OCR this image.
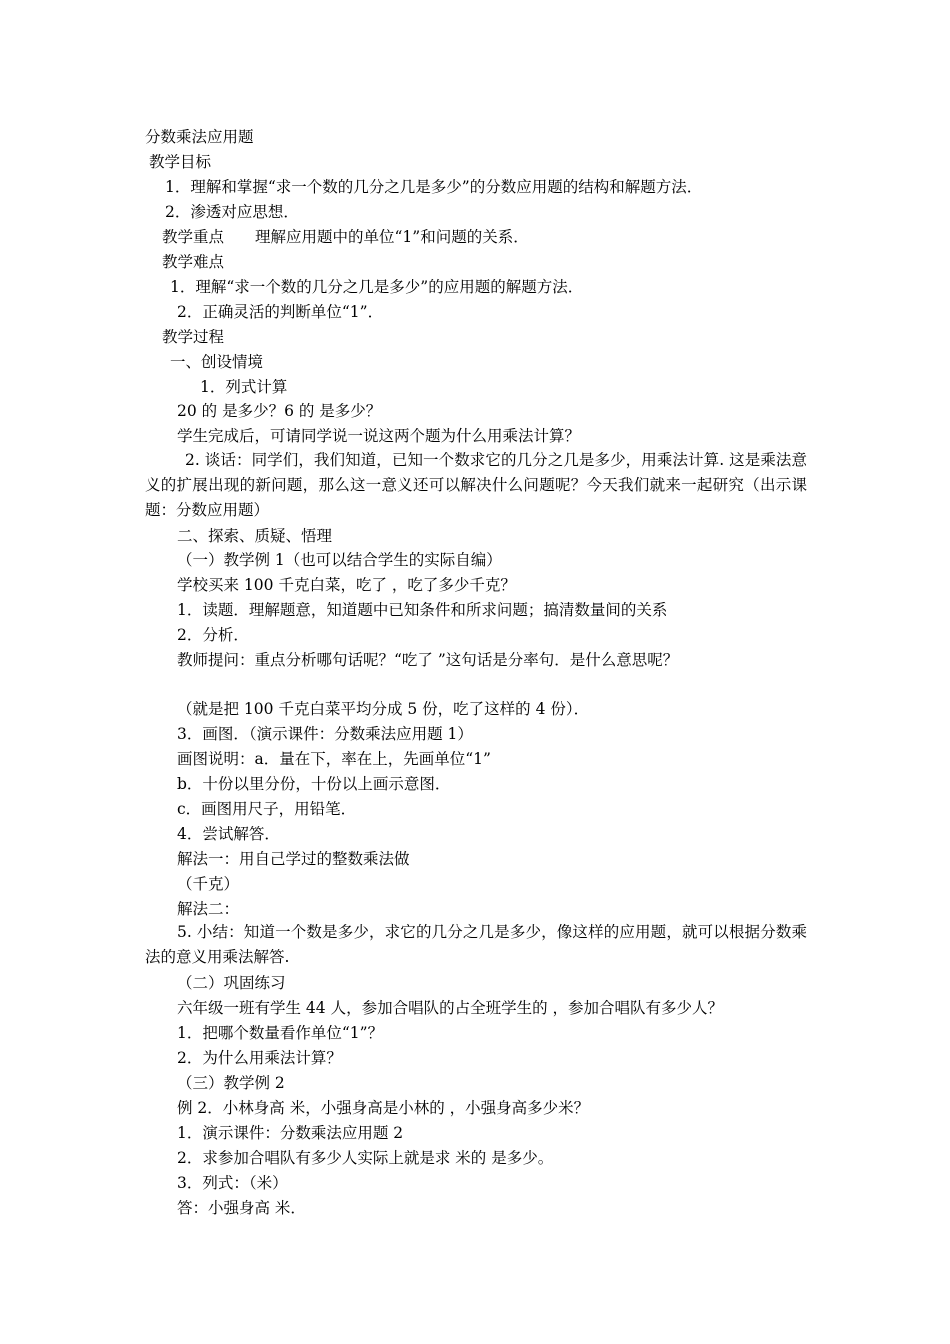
分数乘法应用题
教学目标
1．理解和掌握“求一个数的几分之几是多少”的分数应用题的结构和解题方法．
2．渗透对应思想．
教学重点　　理解应用题中的单位“1”和问题的关系．
教学难点
1．理解“求一个数的几分之几是多少”的应用题的解题方法．
2．正确灵活的判断单位“1”．
教学过程
一、创设情境
1．列式计算
20 的 是多少？6 的 是多少？
学生完成后，可请同学说一说这两个题为什么用乘法计算？
2. 谈话：同学们，我们知道，已知一个数求它的几分之几是多少，用乘法计算. 这是乘法意义的扩展出现的新问题，那么这一意义还可以解决什么问题呢？今天我们就来一起研究（出示课题：分数应用题）
二、探索、质疑、悟理
（一）教学例 1（也可以结合学生的实际自编）
学校买来 100 千克白菜，吃了 ，吃了多少千克？
1．读题．理解题意，知道题中已知条件和所求问题；搞清数量间的关系
2．分析．
教师提问：重点分析哪句话呢？“吃了 ”这句话是分率句．是什么意思呢？
（就是把 100 千克白菜平均分成 5 份，吃了这样的 4 份）．
3．画图．（演示课件：分数乘法应用题 1）
画图说明：a．量在下，率在上，先画单位“1”
b．十份以里分份，十份以上画示意图．
c．画图用尺子，用铅笔．
4．尝试解答．
解法一：用自己学过的整数乘法做
（千克）
解法二：
5. 小结：知道一个数是多少，求它的几分之几是多少，像这样的应用题，就可以根据分数乘法的意义用乘法解答.
（二）巩固练习
六年级一班有学生 44 人，参加合唱队的占全班学生的 ，参加合唱队有多少人？
1．把哪个数量看作单位“1”？
2．为什么用乘法计算？
（三）教学例 2
例 2．小林身高 米，小强身高是小林的 ，小强身高多少米？
1．演示课件：分数乘法应用题 2
2．求参加合唱队有多少人实际上就是求 米的 是多少。
3．列式：（米）
答：小强身高 米．
